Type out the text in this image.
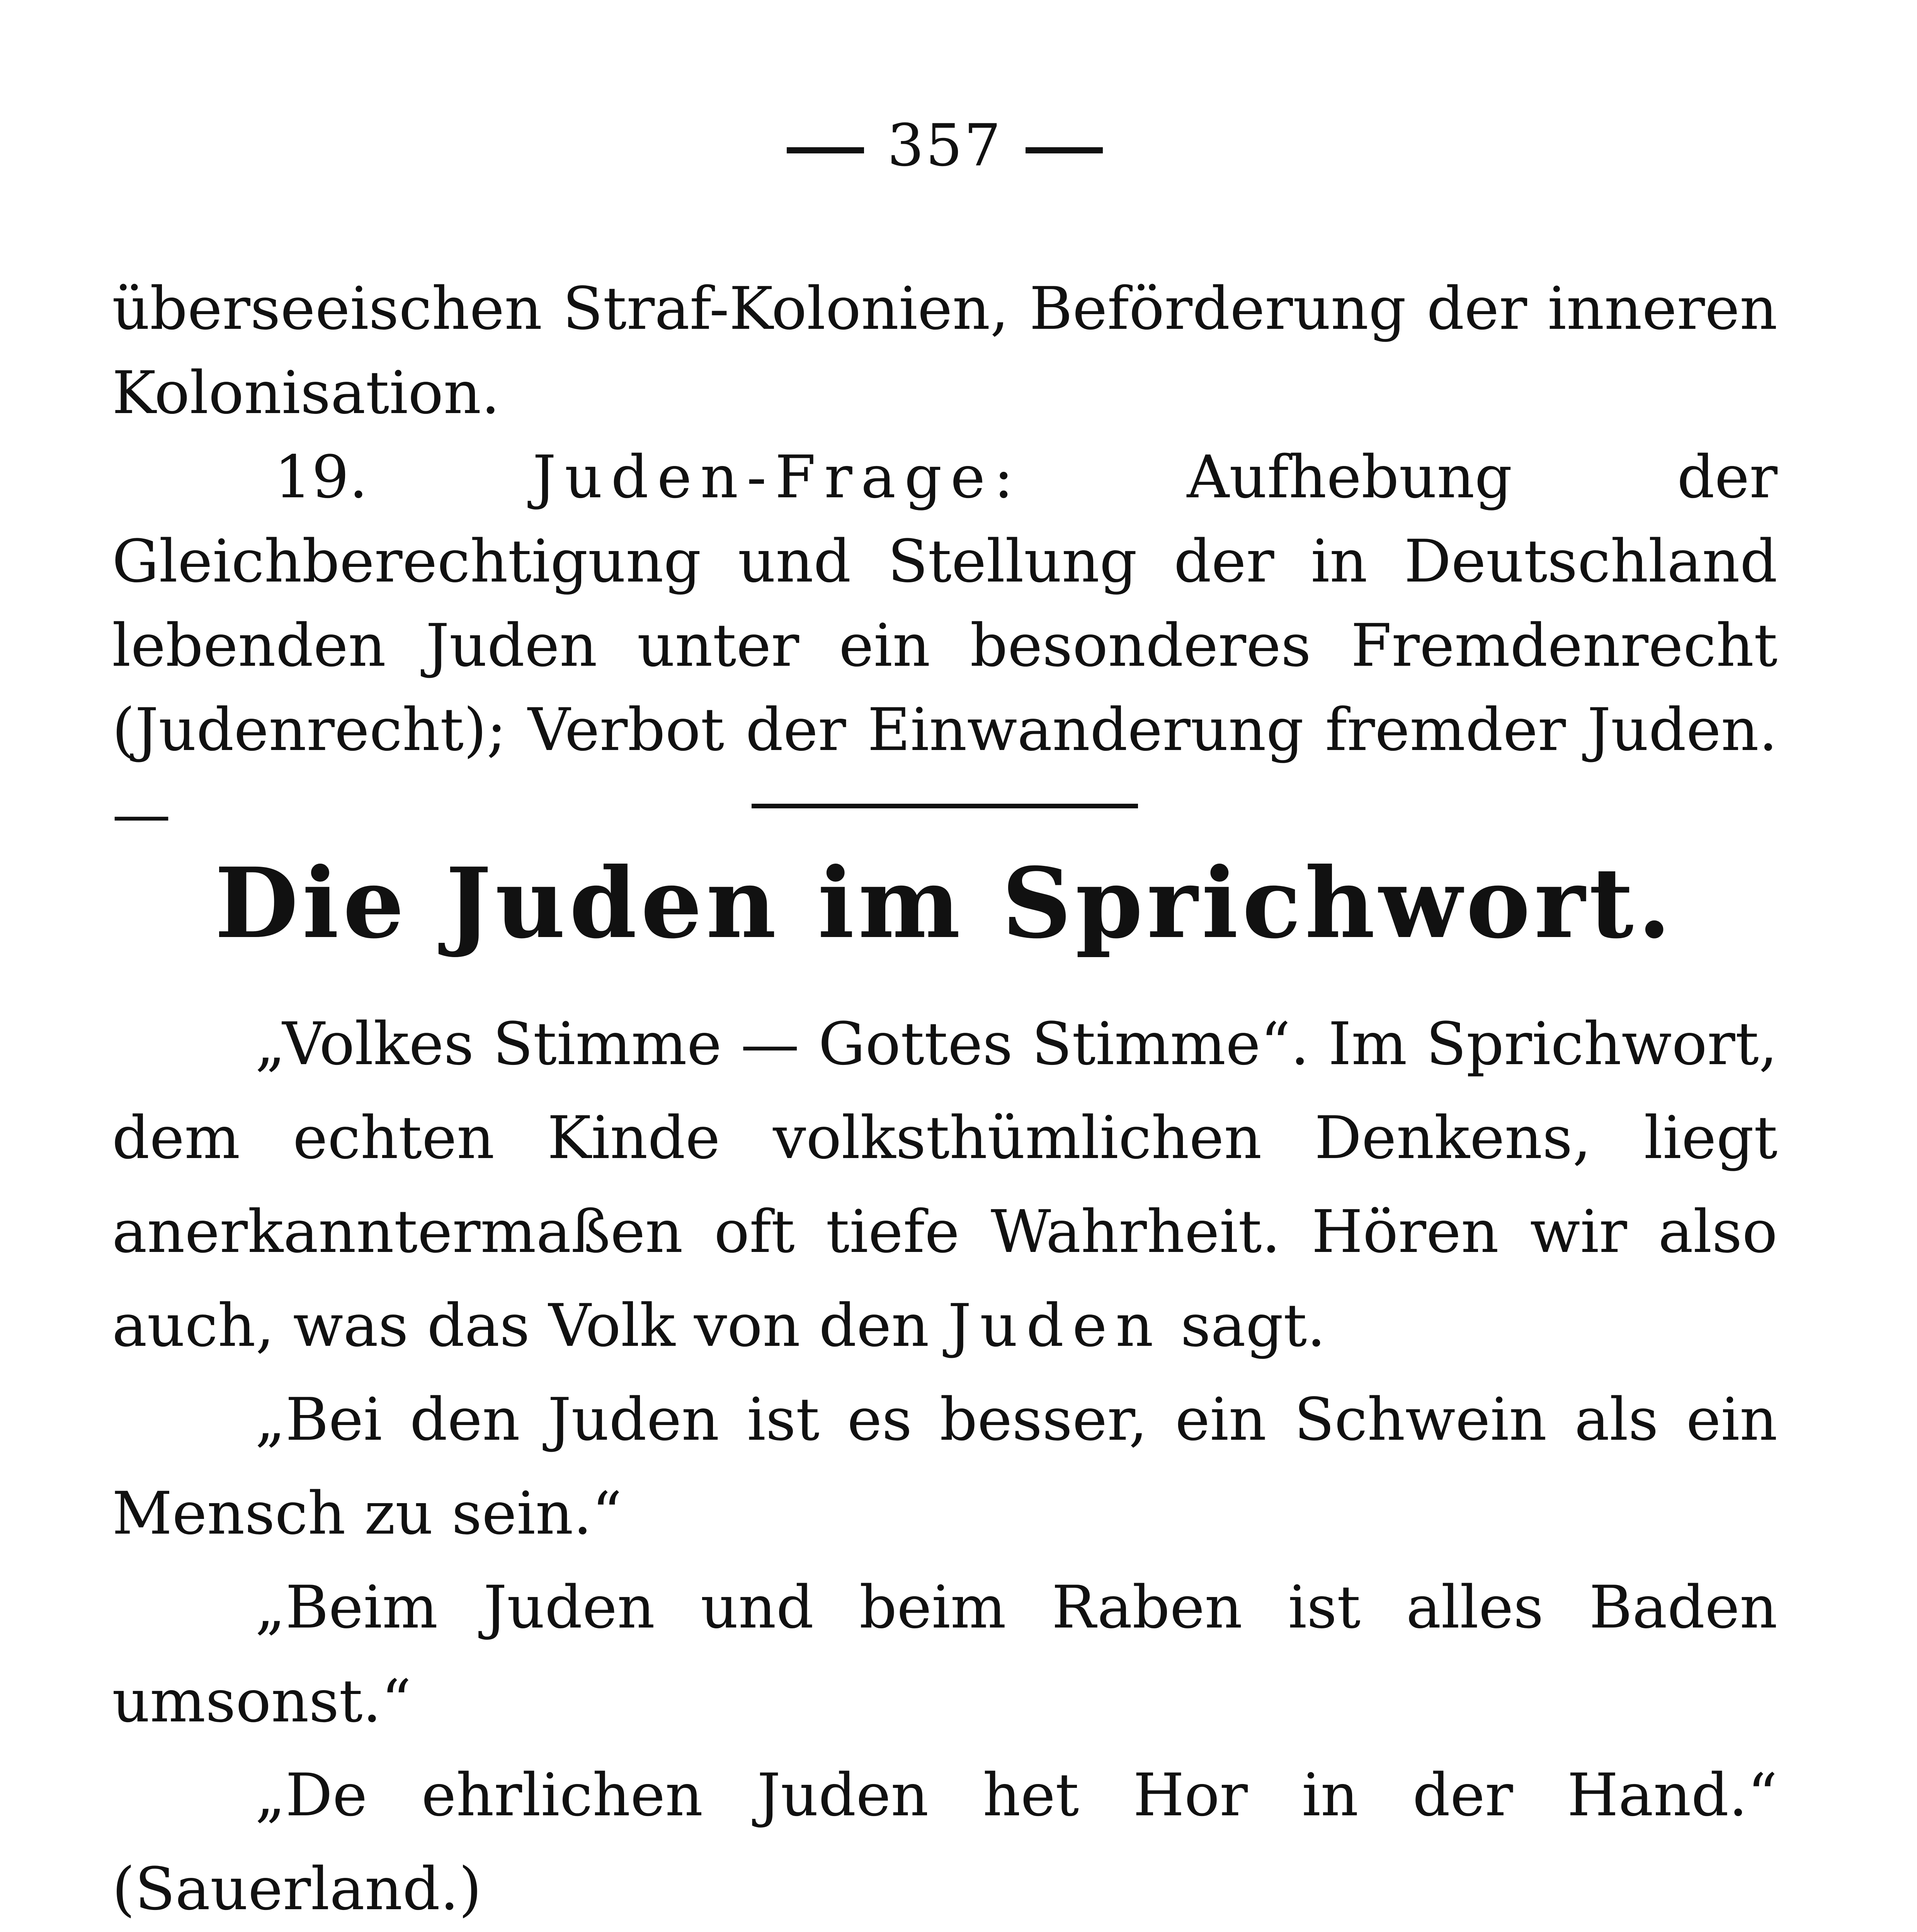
357

überseeischen Straf-Kolonien, Beförderung der inneren Kolonisation.

19.	Juden-Frage:	Aufhebung der Gleichberechtigung und Stellung der in Deutschland lebenden Juden unter ein besonderes Fremdenrecht (Judenrecht); Verbot der Einwanderung fremder Juden. —

Die Juden im Sprichwort.

„Volkes Stimme — Gottes Stimme“. Im Sprichwort, dem echten Kinde volksthümlichen Denkens, liegt anerkanntermaßen oft tiefe Wahrheit. Hören wir also auch, was das Volk von den Juden sagt.

„Bei den Juden ist es besser, ein Schwein als ein Mensch zu sein.“

„Beim Juden und beim Raben ist alles Baden umsonst.“

„De ehrlichen Juden het Hor in der Hand.“ (Sauerland.)
